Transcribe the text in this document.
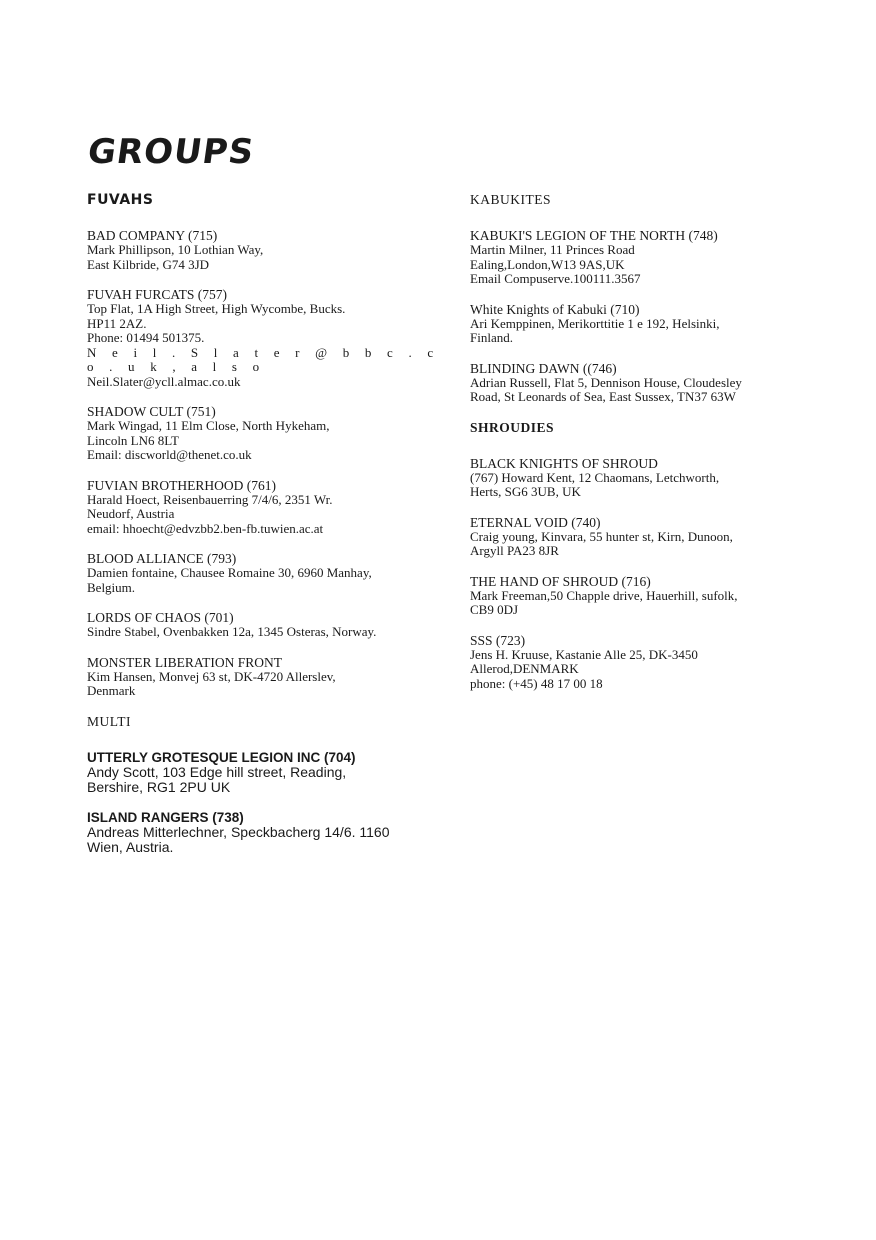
GROUPS
FUVAHS
BAD COMPANY (715)
Mark Phillipson, 10 Lothian Way,
East Kilbride, G74 3JD
FUVAH FURCATS (757)
Top Flat, 1A High Street, High Wycombe, Bucks.
HP11 2AZ.
Phone: 01494 501375.
N e i l . S l a t e r @ b b c . c o . u k , a l s o
Neil.Slater@ycll.almac.co.uk
SHADOW CULT (751)
Mark Wingad, 11 Elm Close, North Hykeham,
Lincoln LN6 8LT
Email: discworld@thenet.co.uk
FUVIAN BROTHERHOOD (761)
Harald Hoect, Reisenbauerring 7/4/6, 2351 Wr.
Neudorf, Austria
email: hhoecht@edvzbb2.ben-fb.tuwien.ac.at
BLOOD ALLIANCE (793)
Damien fontaine, Chausee Romaine 30, 6960 Manhay,
Belgium.
LORDS OF CHAOS (701)
Sindre Stabel, Ovenbakken 12a, 1345 Osteras, Norway.
MONSTER LIBERATION FRONT
Kim Hansen, Monvej 63 st, DK-4720 Allerslev,
Denmark
MULTI
UTTERLY GROTESQUE LEGION INC (704)
Andy Scott, 103 Edge hill street, Reading,
Bershire, RG1 2PU UK
ISLAND RANGERS (738)
Andreas Mitterlechner, Speckbacherg 14/6. 1160
Wien, Austria.
KABUKITES
KABUKI'S LEGION OF THE NORTH (748)
Martin Milner, 11 Princes Road
Ealing,London,W13 9AS,UK
Email Compuserve.100111.3567
White Knights of Kabuki (710)
Ari Kemppinen, Merikorttitie 1 e 192, Helsinki,
Finland.
BLINDING DAWN ((746)
Adrian Russell, Flat 5, Dennison House, Cloudesley
Road, St Leonards of Sea, East Sussex, TN37 63W
SHROUDIES
BLACK KNIGHTS OF SHROUD
(767) Howard Kent, 12 Chaomans, Letchworth,
Herts, SG6 3UB, UK
ETERNAL VOID (740)
Craig young, Kinvara, 55 hunter st, Kirn, Dunoon,
Argyll PA23 8JR
THE HAND OF SHROUD (716)
Mark Freeman,50 Chapple drive, Hauerhill, sufolk,
CB9 0DJ
SSS (723)
Jens H. Kruuse, Kastanie Alle 25, DK-3450
Allerod,DENMARK
phone: (+45) 48 17 00 18
